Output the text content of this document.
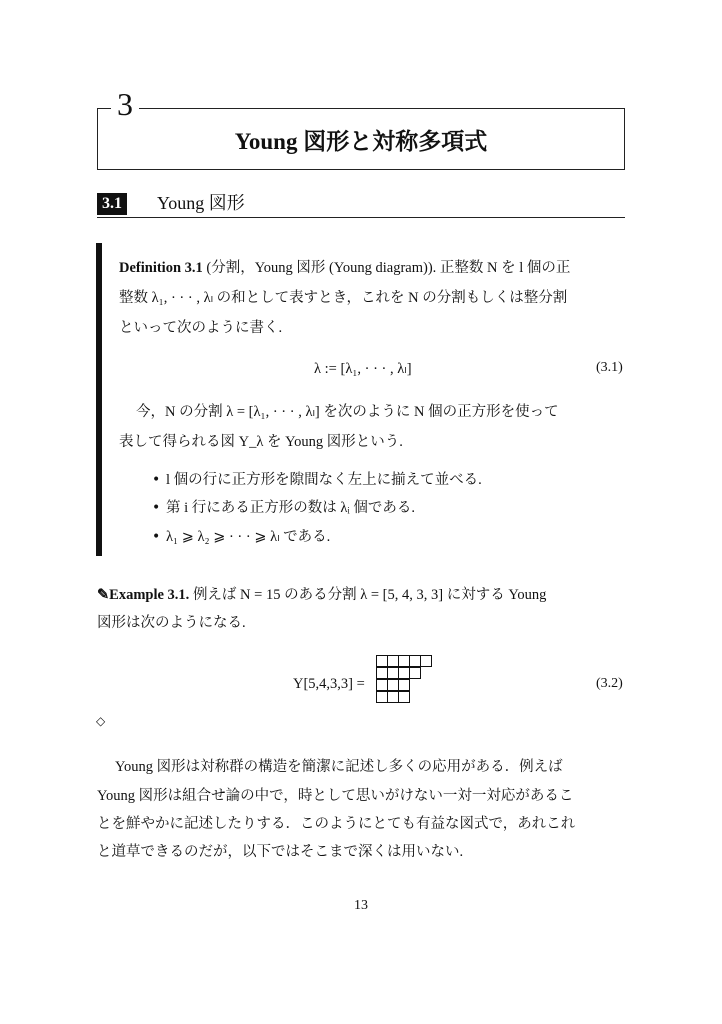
3
Young 図形と対称多項式
3.1 Young 図形
Definition 3.1 (分割，Young 図形 (Young diagram)). 正整数 N を l 個の正
整数 λ₁, · · · , λₗ の和として表すとき，これを N の分割もしくは整分割
といって次のように書く.
λ := [λ₁, · · · , λₗ]	(3.1)
今，N の分割 λ = [λ₁, · · · , λₗ] を次のように N 個の正方形を使って
表して得られる図 Y_λ を Young 図形という.
• l 個の行に正方形を隙間なく左上に揃えて並べる.
• 第 i 行にある正方形の数は λᵢ 個である.
• λ₁ ⩾ λ₂ ⩾ · · · ⩾ λₗ である.
✎Example 3.1. 例えば N = 15 のある分割 λ = [5, 4, 3, 3] に対する Young
図形は次のようになる.
Y[5,4,3,3] =	(3.2)
◇
Young 図形は対称群の構造を簡潔に記述し多くの応用がある．例えば
Young 図形は組合せ論の中で，時として思いがけない一対一対応があるこ
とを鮮やかに記述したりする．このようにとても有益な図式で，あれこれ
と道草できるのだが，以下ではそこまで深くは用いない.
13
